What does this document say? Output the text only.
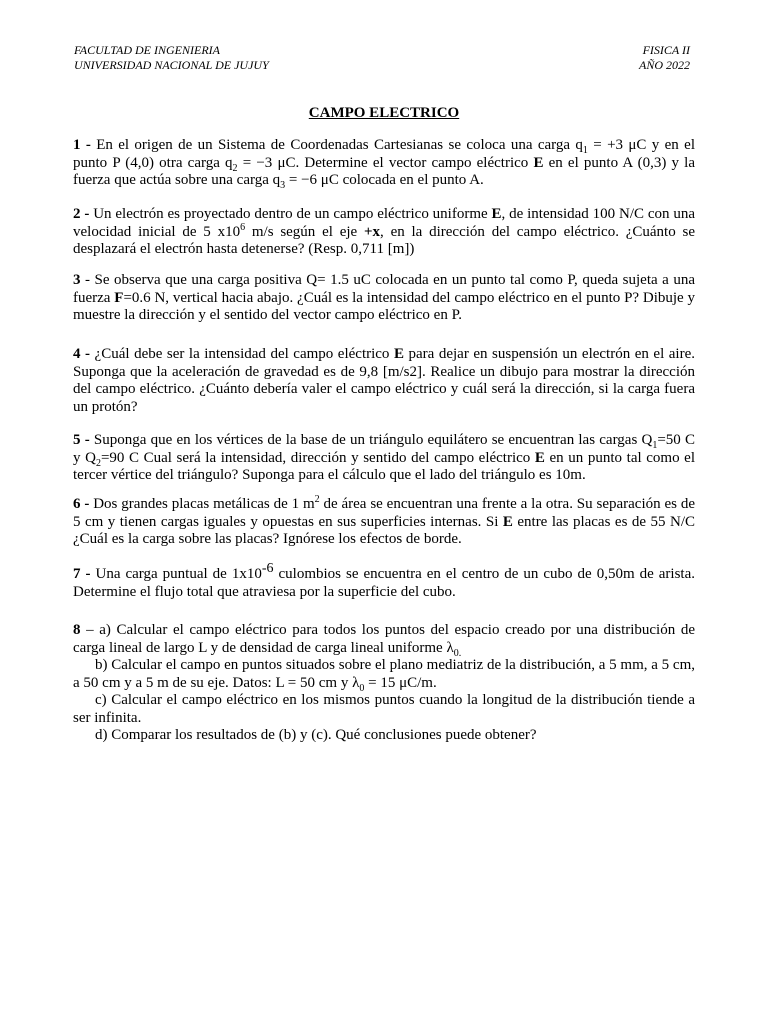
FACULTAD DE INGENIERIA
UNIVERSIDAD NACIONAL DE JUJUY
FISICA II
AÑO 2022
CAMPO ELECTRICO
1 - En el origen de un Sistema de Coordenadas Cartesianas se coloca una carga $q_1 = +3$ μC y en el punto P (4,0) otra carga $q_2 = -3$ μC. Determine el vector campo eléctrico E en el punto A (0,3) y la fuerza que actúa sobre una carga $q_3 = -6$ μC colocada en el punto A.
2 - Un electrón es proyectado dentro de un campo eléctrico uniforme E, de intensidad 100 N/C con una velocidad inicial de 5 $x10^6$ m/s según el eje +x, en la dirección del campo eléctrico. ¿Cuánto se desplazará el electrón hasta detenerse? (Resp. 0,711 [m])
3 - Se observa que una carga positiva Q= 1.5 uC colocada en un punto tal como P, queda sujeta a una fuerza F=0.6 N, vertical hacia abajo. ¿Cuál es la intensidad del campo eléctrico en el punto P? Dibuje y muestre la dirección y el sentido del vector campo eléctrico en P.
4 - ¿Cuál debe ser la intensidad del campo eléctrico E para dejar en suspensión un electrón en el aire. Suponga que la aceleración de gravedad es de 9,8 [m/s2]. Realice un dibujo para mostrar la dirección del campo eléctrico. ¿Cuánto debería valer el campo eléctrico y cuál será la dirección, si la carga fuera un protón?
5 - Suponga que en los vértices de la base de un triángulo equilátero se encuentran las cargas $Q_1=50$ C y $Q_2=90$ C Cual será la intensidad, dirección y sentido del campo eléctrico E en un punto tal como el tercer vértice del triángulo? Suponga para el cálculo que el lado del triángulo es 10m.
6 - Dos grandes placas metálicas de 1 $m^2$ de área se encuentran una frente a la otra. Su separación es de 5 cm y tienen cargas iguales y opuestas en sus superficies internas. Si E entre las placas es de 55 N/C ¿Cuál es la carga sobre las placas? Ignórese los efectos de borde.
7 - Una carga puntual de $1x10^{-6}$ culombios se encuentra en el centro de un cubo de 0,50m de arista. Determine el flujo total que atraviesa por la superficie del cubo.
8 – a) Calcular el campo eléctrico para todos los puntos del espacio creado por una distribución de carga lineal de largo L y de densidad de carga lineal uniforme $\lambda_{0.}$
b) Calcular el campo en puntos situados sobre el plano mediatriz de la distribución, a 5 mm, a 5 cm, a 50 cm y a 5 m de su eje. Datos: L = 50 cm y $\lambda_0 = 15$ μC/m.
c) Calcular el campo eléctrico en los mismos puntos cuando la longitud de la distribución tiende a ser infinita.
d) Comparar los resultados de (b) y (c). Qué conclusiones puede obtener?
